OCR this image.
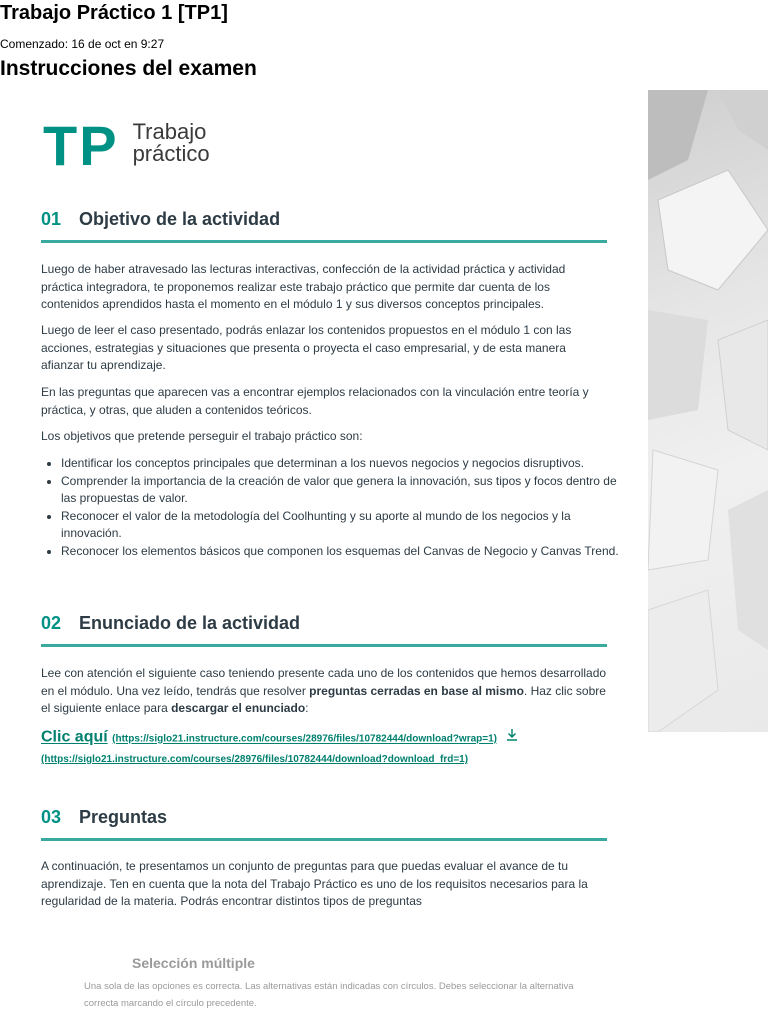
Trabajo Práctico 1 [TP1]
Comenzado: 16 de oct en 9:27
Instrucciones del examen
TP Trabajo
práctico
01 Objetivo de la actividad

Luego de haber atravesado las lecturas interactivas, confección de la actividad práctica y actividad práctica integradora, te proponemos realizar este trabajo práctico que permite dar cuenta de los contenidos aprendidos hasta el momento en el módulo 1 y sus diversos conceptos principales.

Luego de leer el caso presentado, podrás enlazar los contenidos propuestos en el módulo 1 con las acciones, estrategias y situaciones que presenta o proyecta el caso empresarial, y de esta manera afianzar tu aprendizaje.

En las preguntas que aparecen vas a encontrar ejemplos relacionados con la vinculación entre teoría y práctica, y otras, que aluden a contenidos teóricos.

Los objetivos que pretende perseguir el trabajo práctico son:

• Identificar los conceptos principales que determinan a los nuevos negocios y negocios disruptivos.
• Comprender la importancia de la creación de valor que genera la innovación, sus tipos y focos dentro de las propuestas de valor.
• Reconocer el valor de la metodología del Coolhunting y su aporte al mundo de los negocios y la innovación.
• Reconocer los elementos básicos que componen los esquemas del Canvas de Negocio y Canvas Trend.
02 Enunciado de la actividad

Lee con atención el siguiente caso teniendo presente cada uno de los contenidos que hemos desarrollado en el módulo. Una vez leído, tendrás que resolver preguntas cerradas en base al mismo. Haz clic sobre el siguiente enlace para descargar el enunciado:

Clic aquí (https://siglo21.instructure.com/courses/28976/files/10782444/download?wrap=1)
(https://siglo21.instructure.com/courses/28976/files/10782444/download?download_frd=1)
03 Preguntas

A continuación, te presentamos un conjunto de preguntas para que puedas evaluar el avance de tu aprendizaje. Ten en cuenta que la nota del Trabajo Práctico es uno de los requisitos necesarios para la regularidad de la materia. Podrás encontrar distintos tipos de preguntas

Selección múltiple

Una sola de las opciones es correcta. Las alternativas están indicadas con círculos. Debes seleccionar la alternativa correcta marcando el círculo precedente.
